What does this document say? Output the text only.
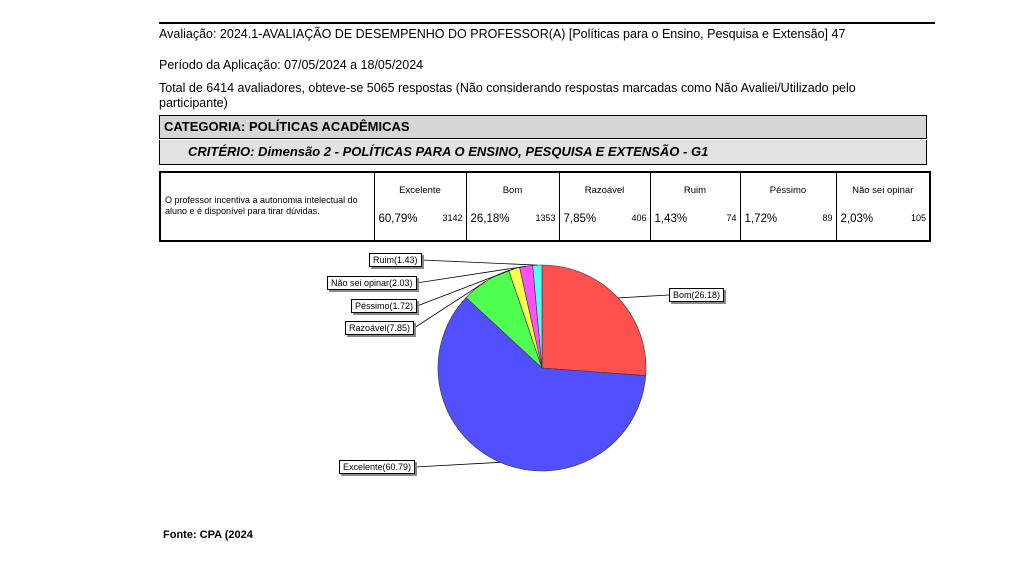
Avaliação: 2024.1-AVALIAÇÃO DE DESEMPENHO DO PROFESSOR(A) [Políticas para o Ensino, Pesquisa e Extensão] 47
Período da Aplicação: 07/05/2024 a 18/05/2024
Total de 6414 avaliadores, obteve-se 5065 respostas (Não considerando respostas marcadas como Não Avaliei/Utilizado pelo participante)
CATEGORIA: POLÍTICAS ACADÊMICAS
CRITÉRIO: Dimensão 2 - POLÍTICAS PARA O ENSINO, PESQUISA E EXTENSÃO - G1
O professor incentiva a autonomia intelectual do aluno e é disponível para tirar dúvidas.	
Excelente
60,79%	3142

Bom
26,18%	1353

Razoável
7,85%	406

Ruim
1,43%	74

Péssimo
1,72%	89

Não sei opinar
2,03%	105
Bom(26.18)
Excelente(60.79)
Razoável(7.85)
Péssimo(1.72)
Não sei opinar(2.03)
Ruim(1.43)
Fonte: CPA (2024
